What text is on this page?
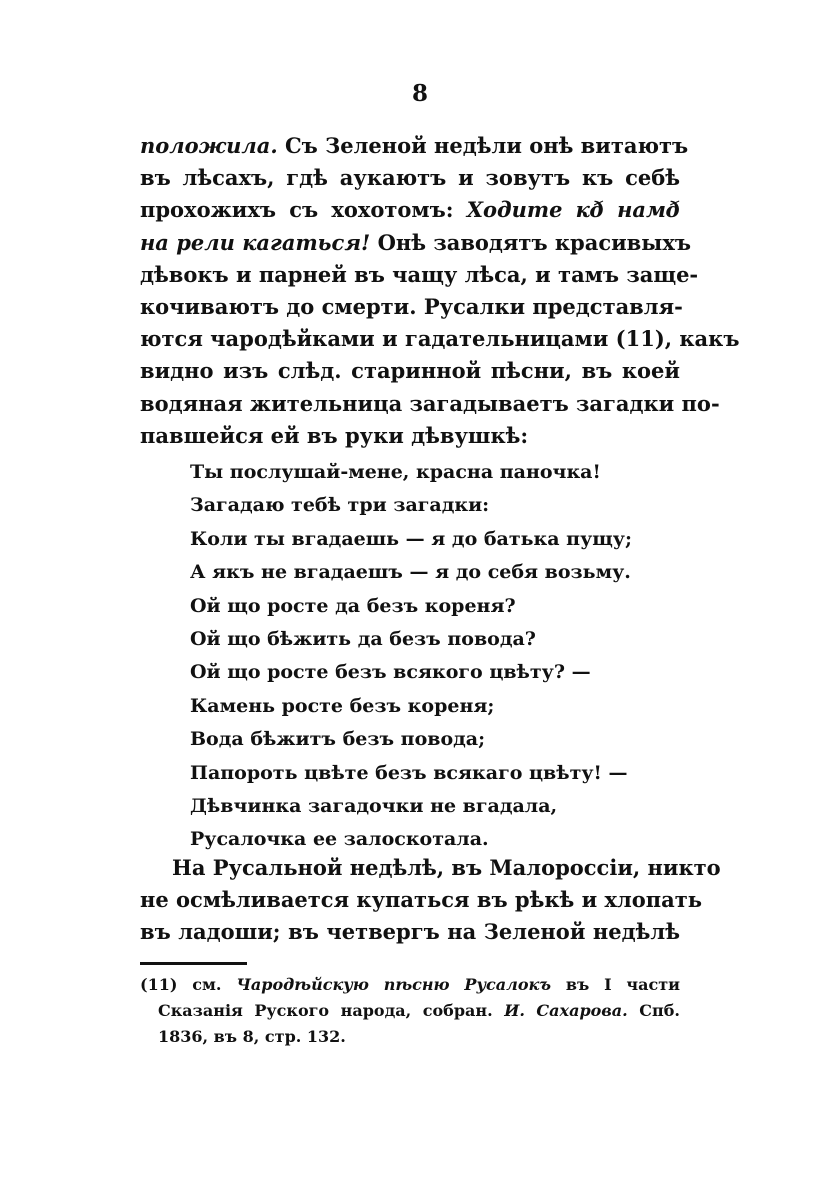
8
положила. Съ Зеленой недѣли онѣ витаютъ
въ лѣсахъ, гдѣ аукаютъ и зовутъ къ себѣ
прохожихъ съ хохотомъ: Ходите кð намð
на рели кагаться! Онѣ заводятъ красивыхъ
дѣвокъ и парней въ чащу лѣса, и тамъ защe-
кочиваютъ до смерти. Русалки представля-
ются чародѣйками и гадательницами (11), какъ
видно изъ слѣд. старинной пѣсни, въ коей
водяная жительница загадываетъ загадки по-
павшейся ей въ руки дѣвушкѣ:
Ты послушай-мене, красна паночка!
Загадаю тебѣ три загадки:
Коли ты вгадаешь — я до батька пущу;
А якъ не вгадаешъ — я до себя возьму.
Ой що росте да безъ кореня?
Ой що бѣжить да безъ повода?
Ой що росте безъ всякого цвѣту? —
Камень росте безъ кореня;
Вода бѣжитъ безъ повода;
Папороть цвѣте безъ всякаго цвѣту! —
Дѣвчинка загадочки не вгадала,
Русалочка ее залоскотала.
На Русальной недѣлѣ, въ Малороссіи, никто
не осмѣливается купаться въ рѣкѣ и хлопать
въ ладоши; въ четвергъ на Зеленой недѣлѣ
(11) см. Чародѣйскую пѣсню Русалокъ въ I части
Сказанія Руского народа, собран. И. Сахарова. Спб.
1836, въ 8, стр. 132.
